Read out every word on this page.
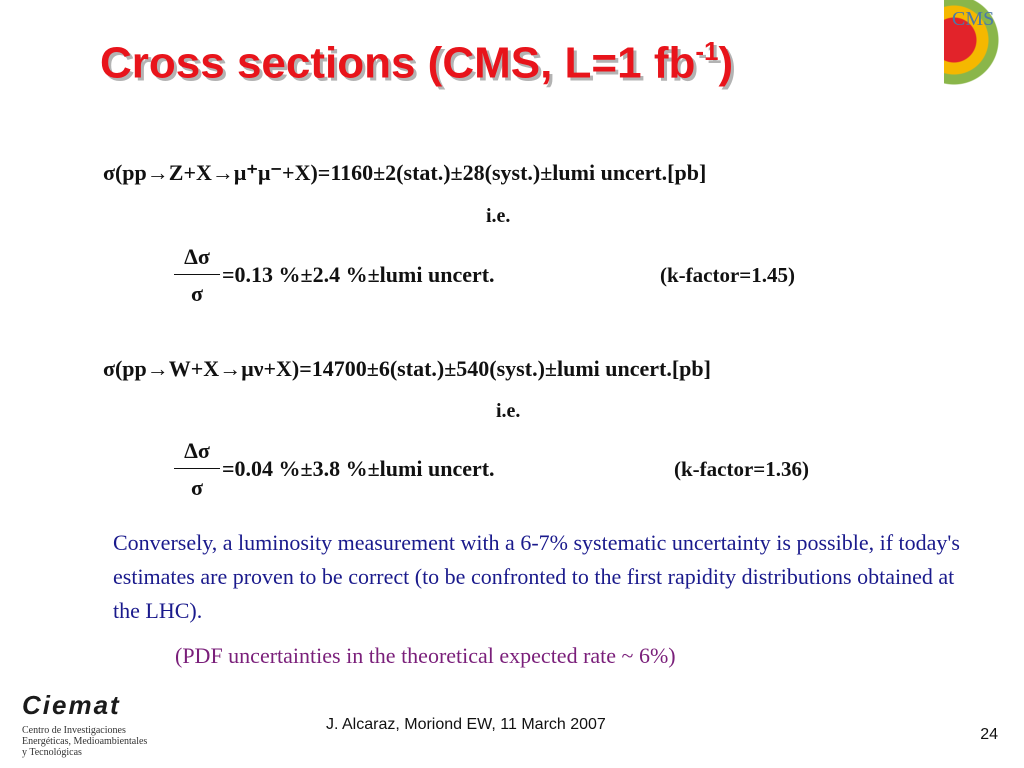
Cross sections (CMS, L=1 $fb^{-1}$)
CMS
σ(pp→Z+X→μ⁺μ⁻+X)=1160±2(stat.)±28(syst.)±lumi uncert.[pb]
i.e.
$\frac{\Delta\sigma}{\sigma} =0.13$ %±2.4 %±lumi uncert.	(k-factor=1.45)
σ(pp→W+X→μν+X)=14700±6(stat.)±540(syst.)±lumi uncert.[pb]
i.e.
$\frac{\Delta\sigma}{\sigma} =0.04$ %±3.8 %±lumi uncert.	(k-factor=1.36)
Conversely, a luminosity measurement with a 6-7% systematic uncertainty is possible, if today's estimates are proven to be correct (to be confronted to the first rapidity distributions obtained at the LHC).
(PDF uncertainties in the theoretical expected rate ~ 6%)
Ciemat
Centro de Investigaciones
Energéticas, Medioambientales
y Tecnológicas
J. Alcaraz, Moriond EW, 11 March 2007
24
